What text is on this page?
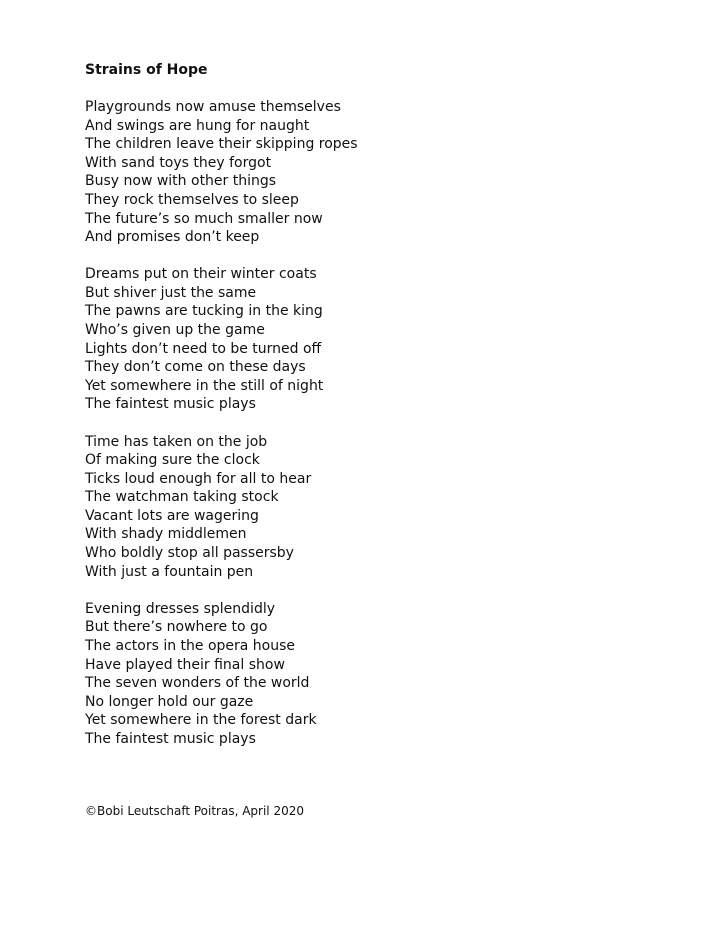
Strains of Hope
Playgrounds now amuse themselves
And swings are hung for naught
The children leave their skipping ropes
With sand toys they forgot
Busy now with other things
They rock themselves to sleep
The future’s so much smaller now
And promises don’t keep
Dreams put on their winter coats
But shiver just the same
The pawns are tucking in the king
Who’s given up the game
Lights don’t need to be turned off
They don’t come on these days
Yet somewhere in the still of night
The faintest music plays
Time has taken on the job
Of making sure the clock
Ticks loud enough for all to hear
The watchman taking stock
Vacant lots are wagering
With shady middlemen
Who boldly stop all passersby
With just a fountain pen
Evening dresses splendidly
But there’s nowhere to go
The actors in the opera house
Have played their final show
The seven wonders of the world
No longer hold our gaze
Yet somewhere in the forest dark
The faintest music plays
©Bobi Leutschaft Poitras, April 2020
